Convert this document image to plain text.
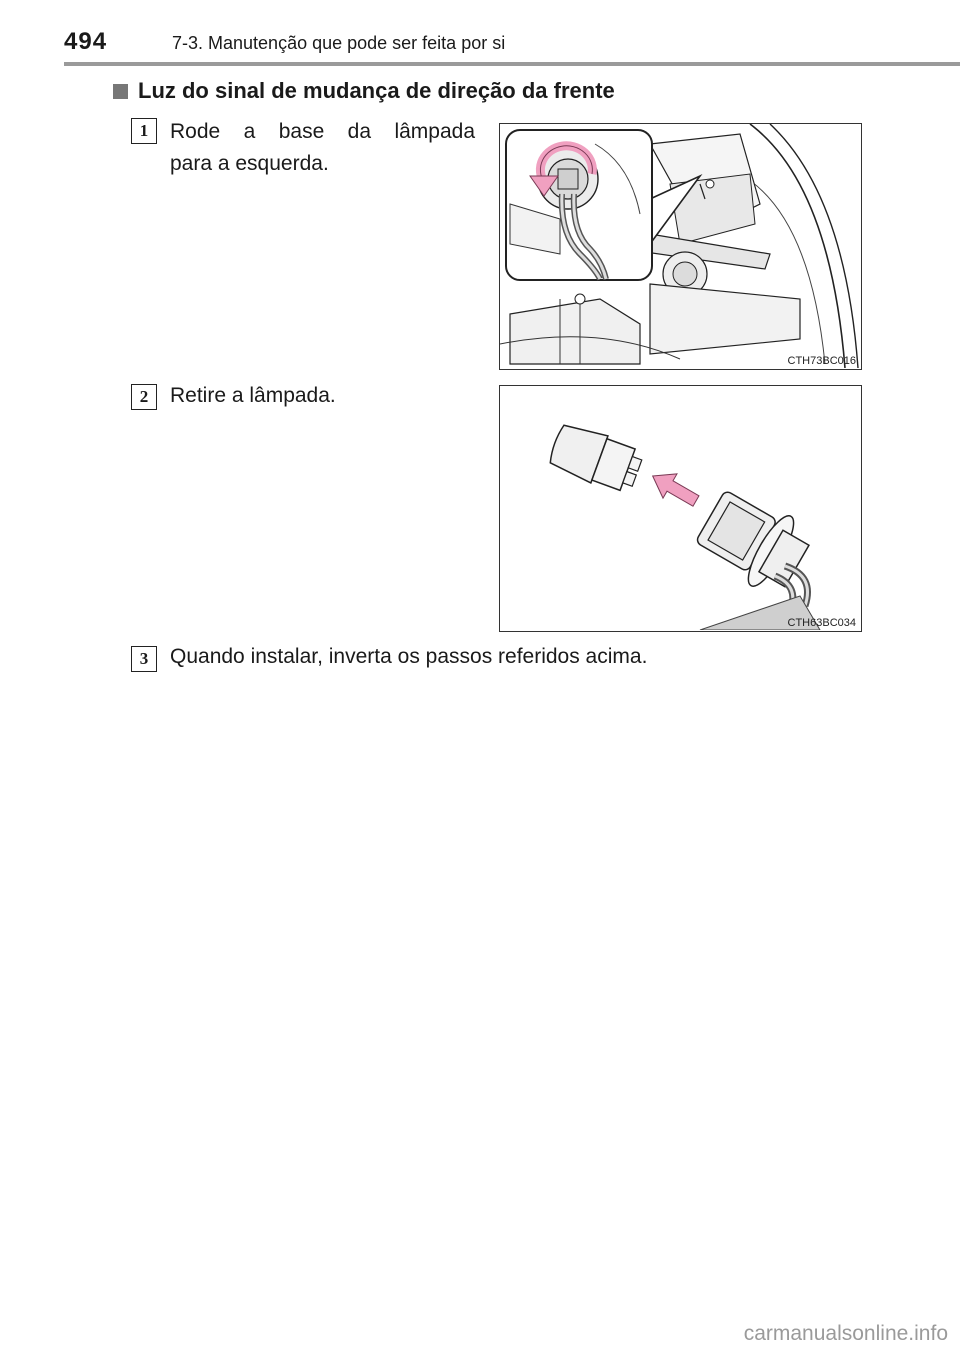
494	7-3. Manutenção que pode ser feita por si
Luz do sinal de mudança de direção da frente
1	Rode a base da lâmpada
para a esquerda.
CTH73BC016
2	Retire a lâmpada.
CTH63BC034
3	Quando instalar, inverta os passos referidos acima.
carmanualsonline.info
